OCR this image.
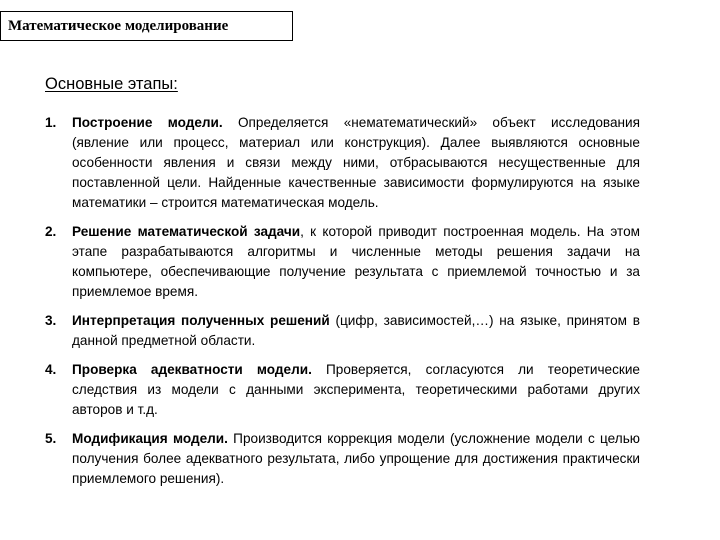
Математическое моделирование
Основные этапы:
1.	Построение модели. Определяется «нематематический» объект исследования (явление или процесс, материал или конструкция). Далее выявляются основные особенности явления и связи между ними, отбрасываются несущественные для поставленной цели. Найденные качественные зависимости формулируются на языке математики – строится математическая модель.
2.	Решение математической задачи, к которой приводит построенная модель. На этом этапе разрабатываются алгоритмы и численные методы решения задачи на компьютере, обеспечивающие получение результата с приемлемой точностью и за приемлемое время.
3.	Интерпретация полученных решений (цифр, зависимостей,…) на языке, принятом в данной предметной области.
4.	Проверка адекватности модели. Проверяется, согласуются ли теоретические следствия из модели с данными эксперимента, теоретическими работами других авторов и т.д.
5.	Модификация модели. Производится коррекция модели (усложнение модели с целью получения более адекватного результата, либо упрощение для достижения практически приемлемого решения).
